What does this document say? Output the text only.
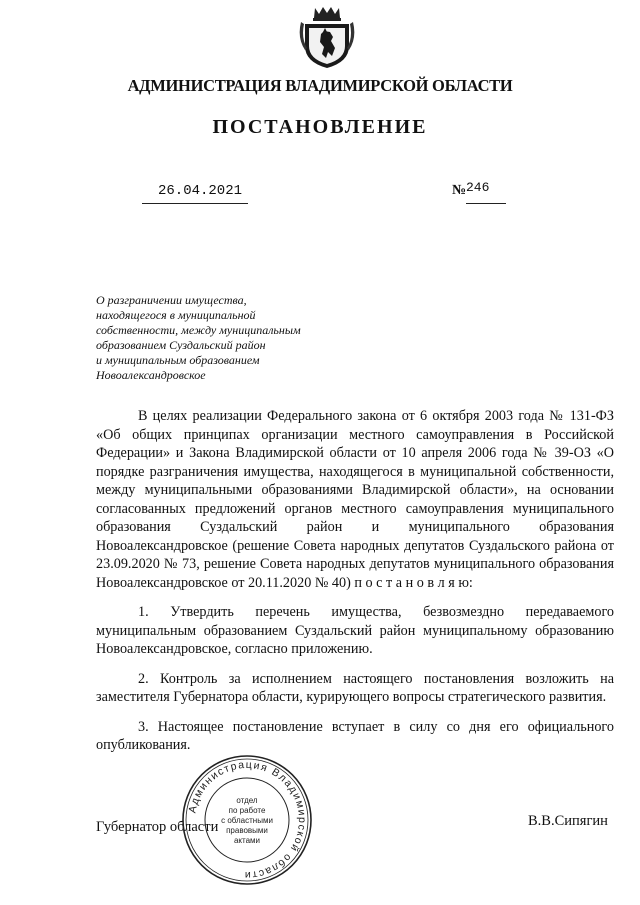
АДМИНИСТРАЦИЯ ВЛАДИМИРСКОЙ ОБЛАСТИ
ПОСТАНОВЛЕНИЕ
26.04.2021	№ 246
О разграничении имущества,
находящегося в муниципальной
собственности, между муниципальным
образованием Суздальский район
и муниципальным образованием
Новоалександровское

В целях реализации Федерального закона от 6 октября 2003 года № 131-ФЗ «Об общих принципах организации местного самоуправления в Российской Федерации» и Закона Владимирской области от 10 апреля 2006 года № 39-ОЗ «О порядке разграничения имущества, находящегося в муниципальной собственности, между муниципальными образованиями Владимирской области», на основании согласованных предложений органов местного самоуправления муниципального образования Суздальский район и муниципального образования Новоалександровское (решение Совета народных депутатов Суздальского района от 23.09.2020 № 73, решение Совета народных депутатов муниципального образования Новоалександровское от 20.11.2020 № 40) п о с т а н о в л я ю:

1. Утвердить перечень имущества, безвозмездно передаваемого муниципальным образованием Суздальский район муниципальному образованию Новоалександровское, согласно приложению.

2. Контроль за исполнением настоящего постановления возложить на заместителя Губернатора области, курирующего вопросы стратегического развития.

3. Настоящее постановление вступает в силу со дня его официального опубликования.

Губернатор области	В.В.Сипягин
Администрация Владимирской области
отдел
по работе
с областными
правовыми
актами
